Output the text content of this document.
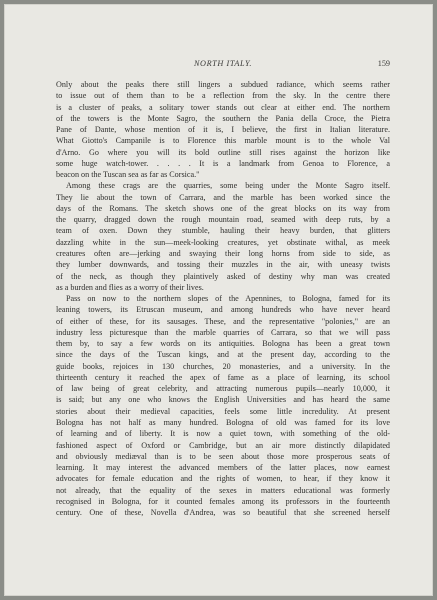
NORTH ITALY.	159
Only about the peaks there still lingers a subdued radiance, which seems rather
to issue out of them than to be a reflection from the sky. In the centre there
is a cluster of peaks, a solitary tower stands out clear at either end. The northern
of the towers is the Monte Sagro, the southern the Pania della Croce, the Pietra
Pane of Dante, whose mention of it is, I believe, the first in Italian literature.
What Giotto's Campanile is to Florence this marble mount is to the whole Val
d'Arno. Go where you will its bold outline still rises against the horizon like
some huge watch-tower. . . . . It is a landmark from Genoa to Florence, a
beacon on the Tuscan sea as far as Corsica."
Among these crags are the quarries, some being under the Monte Sagro itself.
They lie about the town of Carrara, and the marble has been worked since the
days of the Romans. The sketch shows one of the great blocks on its way from
the quarry, dragged down the rough mountain road, seamed with deep ruts, by a
team of oxen. Down they stumble, hauling their heavy burden, that glitters
dazzling white in the sun—meek-looking creatures, yet obstinate withal, as meek
creatures often are—jerking and swaying their long horns from side to side, as
they lumber downwards, and tossing their muzzles in the air, with uneasy twists
of the neck, as though they plaintively asked of destiny why man was created
as a burden and flies as a worry of their lives.
Pass on now to the northern slopes of the Apennines, to Bologna, famed for its
leaning towers, its Etruscan museum, and among hundreds who have never heard
of either of these, for its sausages. These, and the representative "polonies," are an
industry less picturesque than the marble quarries of Carrara, so that we will pass
them by, to say a few words on its antiquities. Bologna has been a great town
since the days of the Tuscan kings, and at the present day, according to the
guide books, rejoices in 130 churches, 20 monasteries, and a university. In the
thirteenth century it reached the apex of fame as a place of learning, its school
of law being of great celebrity, and attracting numerous pupils—nearly 10,000, it
is said; but any one who knows the English Universities and has heard the same
stories about their medieval capacities, feels some little incredulity. At present
Bologna has not half as many hundred. Bologna of old was famed for its love
of learning and of liberty. It is now a quiet town, with something of the old-
fashioned aspect of Oxford or Cambridge, but an air more distinctly dilapidated
and obviously mediæval than is to be seen about those more prosperous seats of
learning. It may interest the advanced members of the latter places, now earnest
advocates for female education and the rights of women, to hear, if they know it
not already, that the equality of the sexes in matters educational was formerly
recognised in Bologna, for it counted females among its professors in the fourteenth
century. One of these, Novella d'Andrea, was so beautiful that she screened herself
